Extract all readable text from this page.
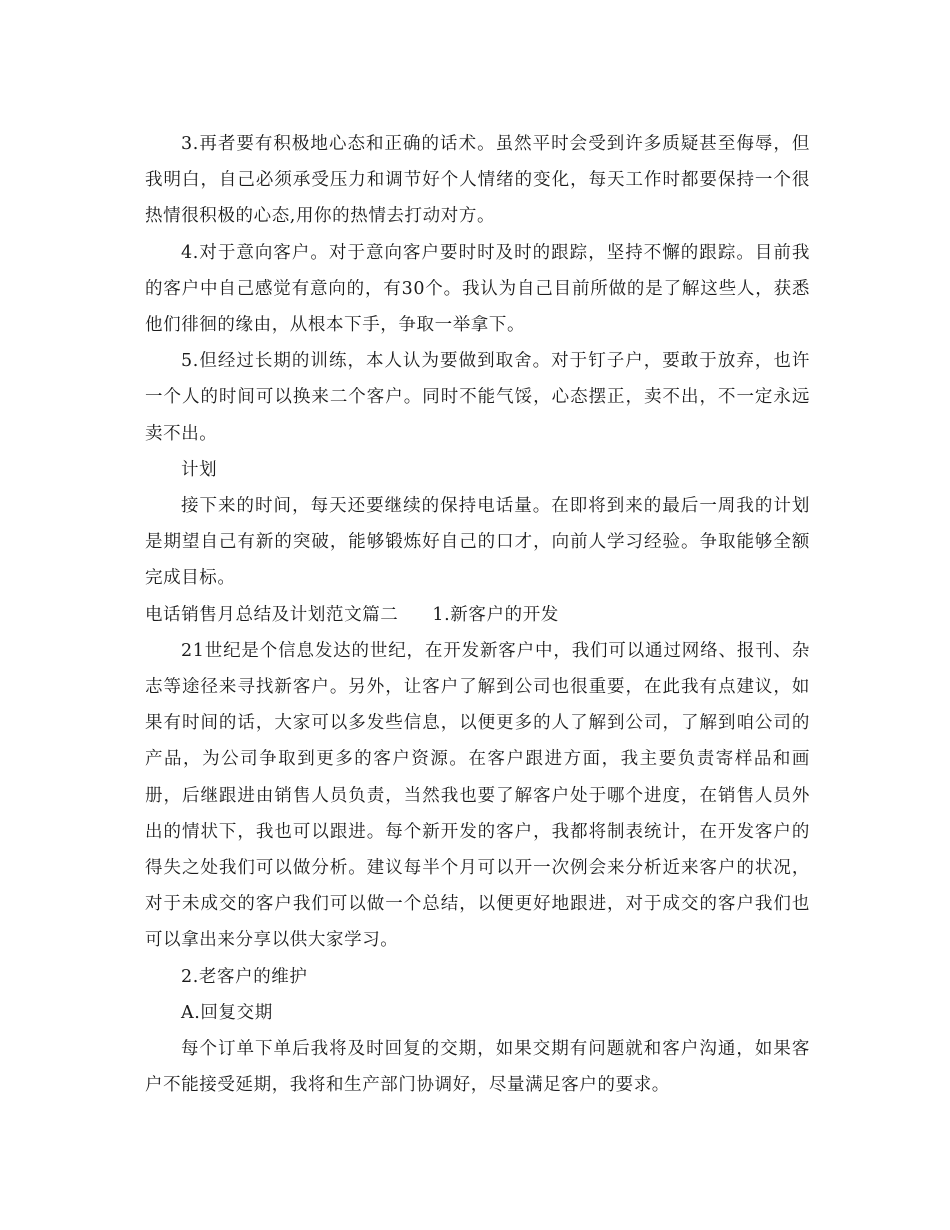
3.再者要有积极地心态和正确的话术。虽然平时会受到许多质疑甚至侮辱，但我明白，自己必须承受压力和调节好个人情绪的变化，每天工作时都要保持一个很热情很积极的心态,用你的热情去打动对方。

4.对于意向客户。对于意向客户要时时及时的跟踪，坚持不懈的跟踪。目前我的客户中自己感觉有意向的，有30个。我认为自己目前所做的是了解这些人，获悉他们徘徊的缘由，从根本下手，争取一举拿下。

5.但经过长期的训练，本人认为要做到取舍。对于钉子户，要敢于放弃，也许一个人的时间可以换来二个客户。同时不能气馁，心态摆正，卖不出，不一定永远卖不出。

计划

接下来的时间，每天还要继续的保持电话量。在即将到来的最后一周我的计划是期望自己有新的突破，能够锻炼好自己的口才，向前人学习经验。争取能够全额完成目标。

电话销售月总结及计划范文篇二 1.新客户的开发

21世纪是个信息发达的世纪，在开发新客户中，我们可以通过网络、报刊、杂志等途径来寻找新客户。另外，让客户了解到公司也很重要，在此我有点建议，如果有时间的话，大家可以多发些信息，以便更多的人了解到公司，了解到咱公司的产品，为公司争取到更多的客户资源。在客户跟进方面，我主要负责寄样品和画册，后继跟进由销售人员负责，当然我也要了解客户处于哪个进度，在销售人员外出的情状下，我也可以跟进。每个新开发的客户，我都将制表统计，在开发客户的得失之处我们可以做分析。建议每半个月可以开一次例会来分析近来客户的状况，对于未成交的客户我们可以做一个总结，以便更好地跟进，对于成交的客户我们也可以拿出来分享以供大家学习。

2.老客户的维护

A.回复交期

每个订单下单后我将及时回复的交期，如果交期有问题就和客户沟通，如果客户不能接受延期，我将和生产部门协调好，尽量满足客户的要求。
